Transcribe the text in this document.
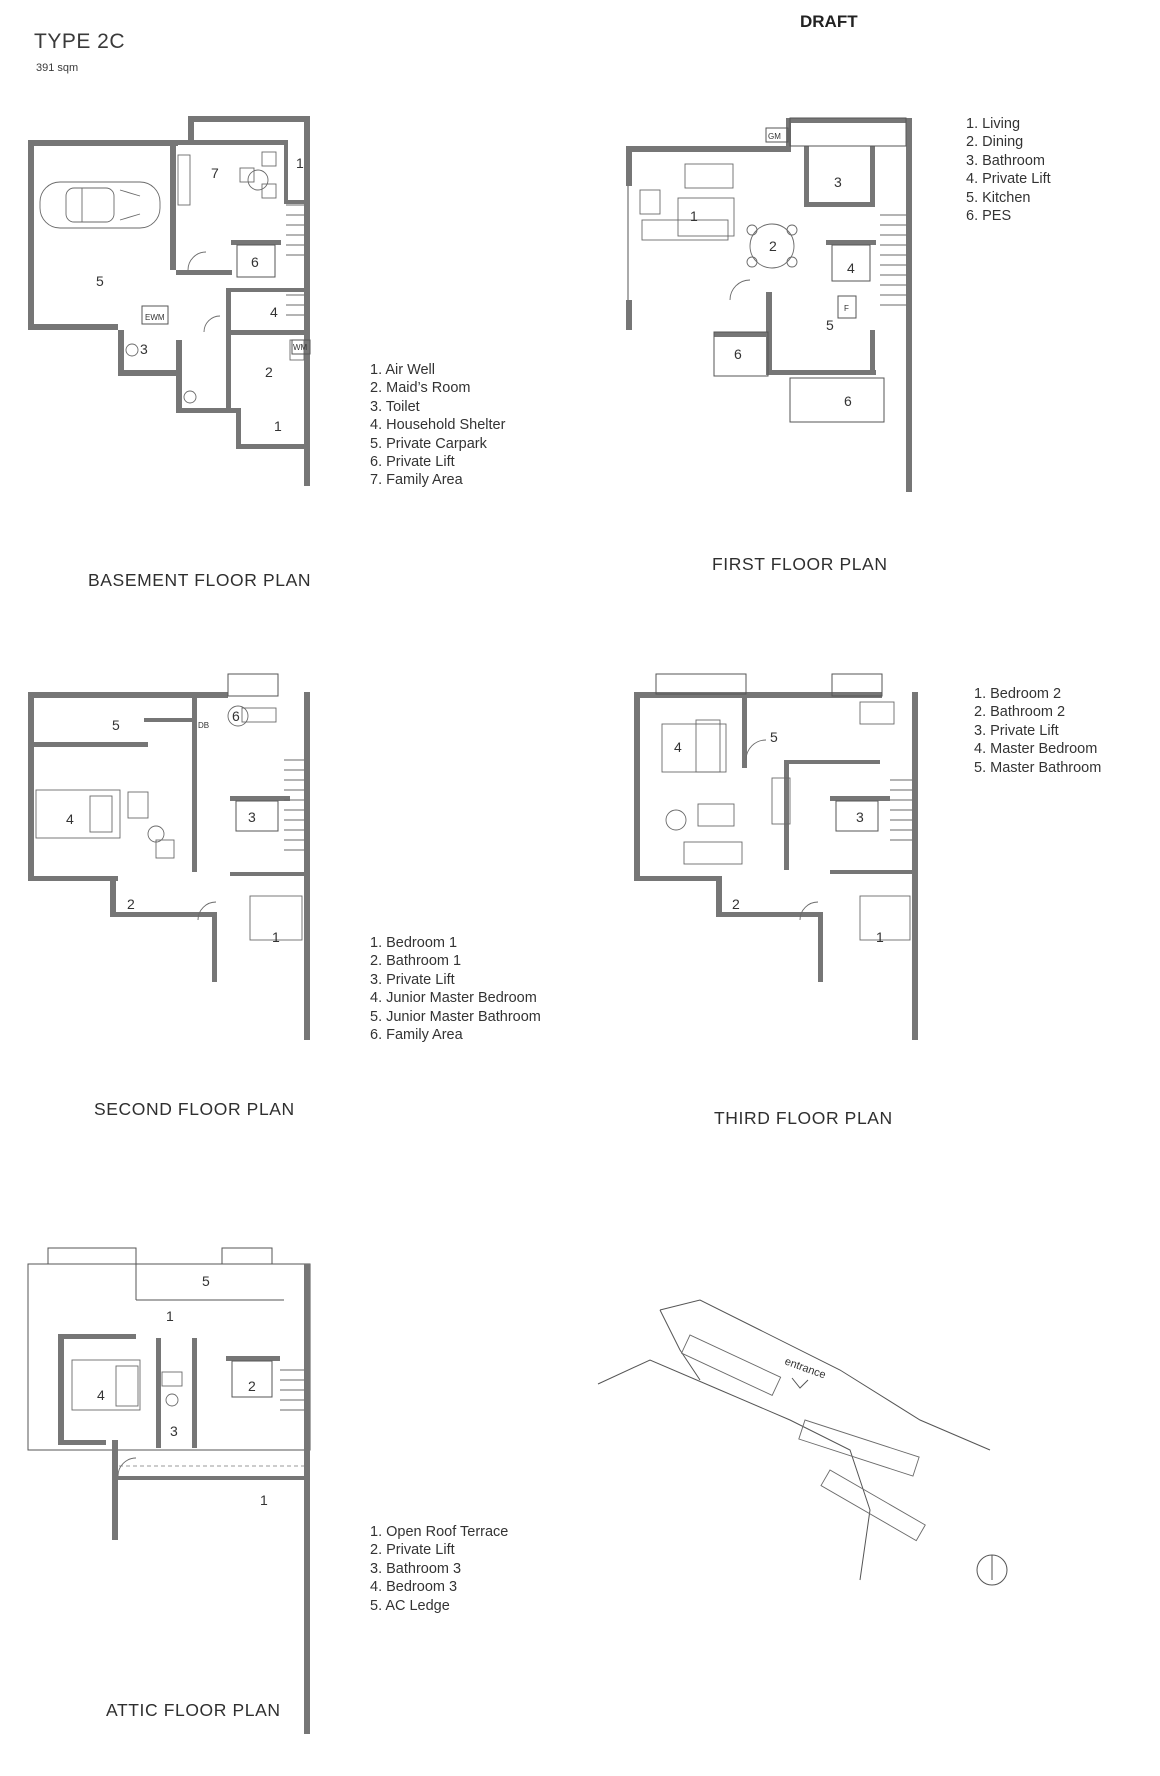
TYPE 2C
391 sqm
DRAFT
6
4
7
1
5
EWM
3
2
WM
1
3
4
F
5
6
6
GM
1
2
5
3
4
6
DB
2
1
5
3
4
2
1
5
1
2
4
3
1
entrance
1. Air Well
2. Maid’s Room
3. Toilet
4. Household Shelter
5. Private Carpark
6. Private Lift
7. Family Area
1. Living
2. Dining
3. Bathroom
4. Private Lift
5. Kitchen
6. PES
1. Bedroom 1
2. Bathroom 1
3. Private Lift
4. Junior Master Bedroom
5. Junior Master Bathroom
6. Family Area
1. Bedroom 2
2. Bathroom 2
3. Private Lift
4. Master Bedroom
5. Master Bathroom
1. Open Roof Terrace
2. Private Lift
3. Bathroom 3
4. Bedroom 3
5. AC Ledge
BASEMENT FLOOR PLAN
FIRST FLOOR PLAN
SECOND FLOOR PLAN	THIRD FLOOR PLAN
ATTIC FLOOR PLAN
